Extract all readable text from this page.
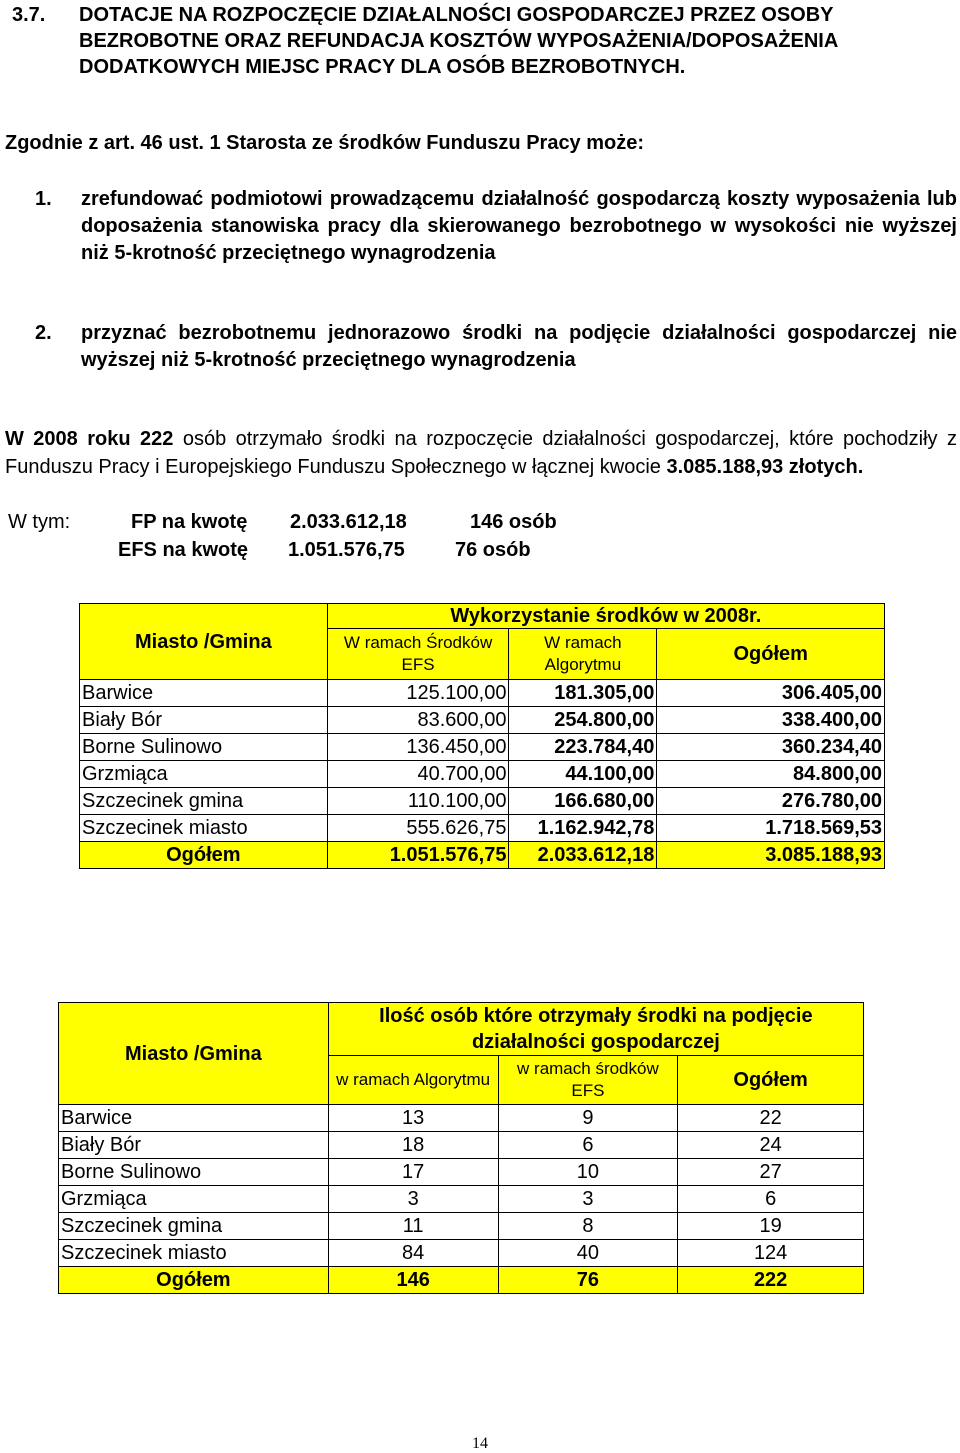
3.7.	DOTACJE NA ROZPOCZĘCIE DZIAŁALNOŚCI GOSPODARCZEJ PRZEZ OSOBY BEZROBOTNE ORAZ REFUNDACJA KOSZTÓW WYPOSAŻENIA/DOPOSAŻENIA DODATKOWYCH MIEJSC PRACY DLA OSÓB BEZROBOTNYCH.
Zgodnie z art. 46 ust. 1 Starosta ze środków Funduszu Pracy może:
1. zrefundować podmiotowi prowadzącemu działalność gospodarczą koszty wyposażenia lub doposażenia stanowiska pracy dla skierowanego bezrobotnego w wysokości nie wyższej niż 5-krotność przeciętnego wynagrodzenia
2. przyznać bezrobotnemu jednorazowo środki na podjęcie działalności gospodarczej nie wyższej niż 5-krotność przeciętnego wynagrodzenia
W 2008 roku 222 osób otrzymało środki na rozpoczęcie działalności gospodarczej, które pochodziły z Funduszu Pracy i Europejskiego Funduszu Społecznego w łącznej kwocie 3.085.188,93 złotych.
W tym:	FP na kwotę 2.033.612,18	146 osób
EFS na kwotę 1.051.576,75	76 osób
Miasto /Gmina	Wykorzystanie środków w 2008r.		
	W ramach Środków EFS	W ramach Algorytmu	Ogółem
Barwice	125.100,00	181.305,00	306.405,00
Biały Bór	83.600,00	254.800,00	338.400,00
Borne Sulinowo	136.450,00	223.784,40	360.234,40
Grzmiąca	40.700,00	44.100,00	84.800,00
Szczecinek gmina	110.100,00	166.680,00	276.780,00
Szczecinek miasto	555.626,75	1.162.942,78	1.718.569,53
Ogółem	1.051.576,75	2.033.612,18	3.085.188,93
Miasto /Gmina	Ilość osób które otrzymały środki na podjęcie działalności gospodarczej		
	w ramach Algorytmu	w ramach środków EFS	Ogółem
Barwice	13	9	22
Biały Bór	18	6	24
Borne Sulinowo	17	10	27
Grzmiąca	3	3	6
Szczecinek gmina	11	8	19
Szczecinek miasto	84	40	124
Ogółem	146	76	222
14
